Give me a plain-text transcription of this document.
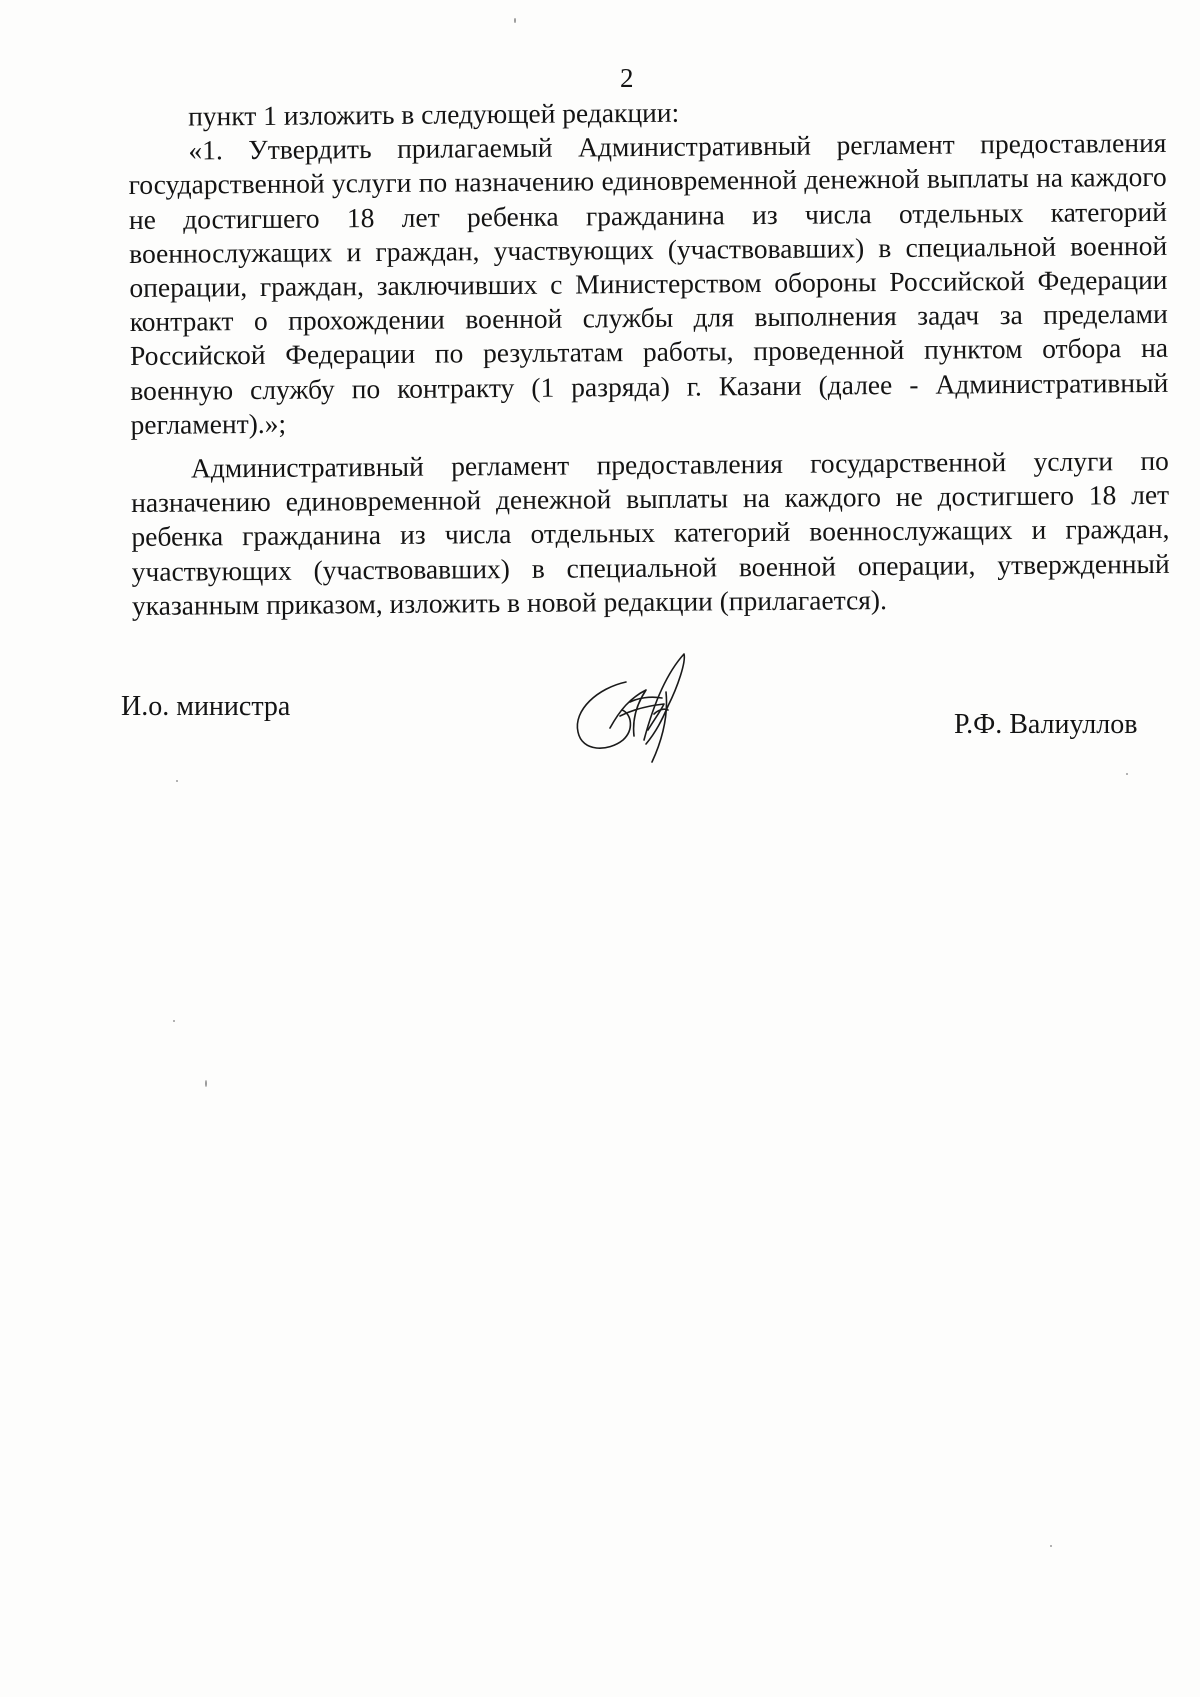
2

пункт 1 изложить в следующей редакции:

«1. Утвердить прилагаемый Административный регламент предоставления государственной услуги по назначению единовременной денежной выплаты на каждого не достигшего 18 лет ребенка гражданина из числа отдельных категорий военнослужащих и граждан, участвующих (участвовавших) в специальной военной операции, граждан, заключивших с Министерством обороны Российской Федерации контракт о прохождении военной службы для выполнения задач за пределами Российской Федерации по результатам работы, проведенной пунктом отбора на военную службу по контракту (1 разряда) г. Казани (далее - Административный регламент).»;

Административный регламент предоставления государственной услуги по назначению единовременной денежной выплаты на каждого не достигшего 18 лет ребенка гражданина из числа отдельных категорий военнослужащих и граждан, участвующих (участвовавших) в специальной военной операции, утвержденный указанным приказом, изложить в новой редакции (прилагается).

И.о. министра
Р.Ф. Валиуллов
